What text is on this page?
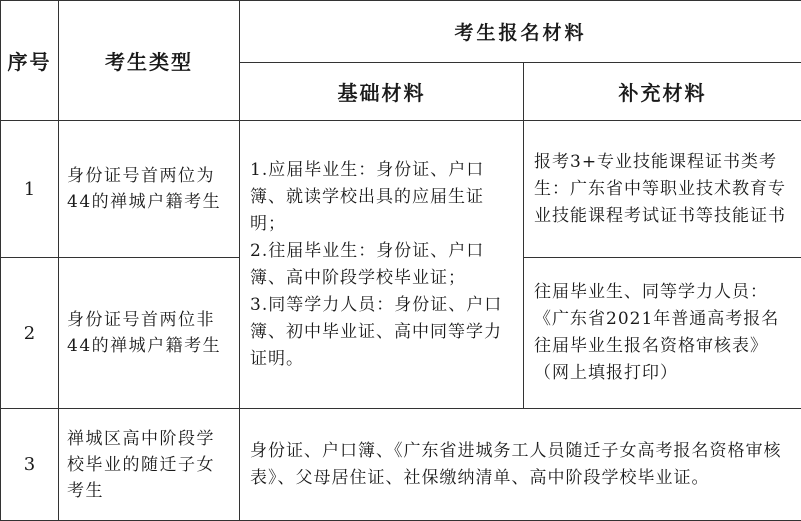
序号	考生类型	考生报名材料	
		基础材料	补充材料
1	身份证号首两位为44的禅城户籍考生	1.应届毕业生：身份证、户口簿、就读学校出具的应届生证明；
2.往届毕业生：身份证、户口簿、高中阶段学校毕业证；
3.同等学力人员：身份证、户口簿、初中毕业证、高中同等学力证明。	报考3+专业技能课程证书类考生：广东省中等职业技术教育专业技能课程考试证书等技能证书
2	身份证号首两位非44的禅城户籍考生		往届毕业生、同等学力人员：《广东省2021年普通高考报名往届毕业生报名资格审核表》（网上填报打印）
3	禅城区高中阶段学校毕业的随迁子女考生	身份证、户口簿、《广东省进城务工人员随迁子女高考报名资格审核表》、父母居住证、社保缴纳清单、高中阶段学校毕业证。	
